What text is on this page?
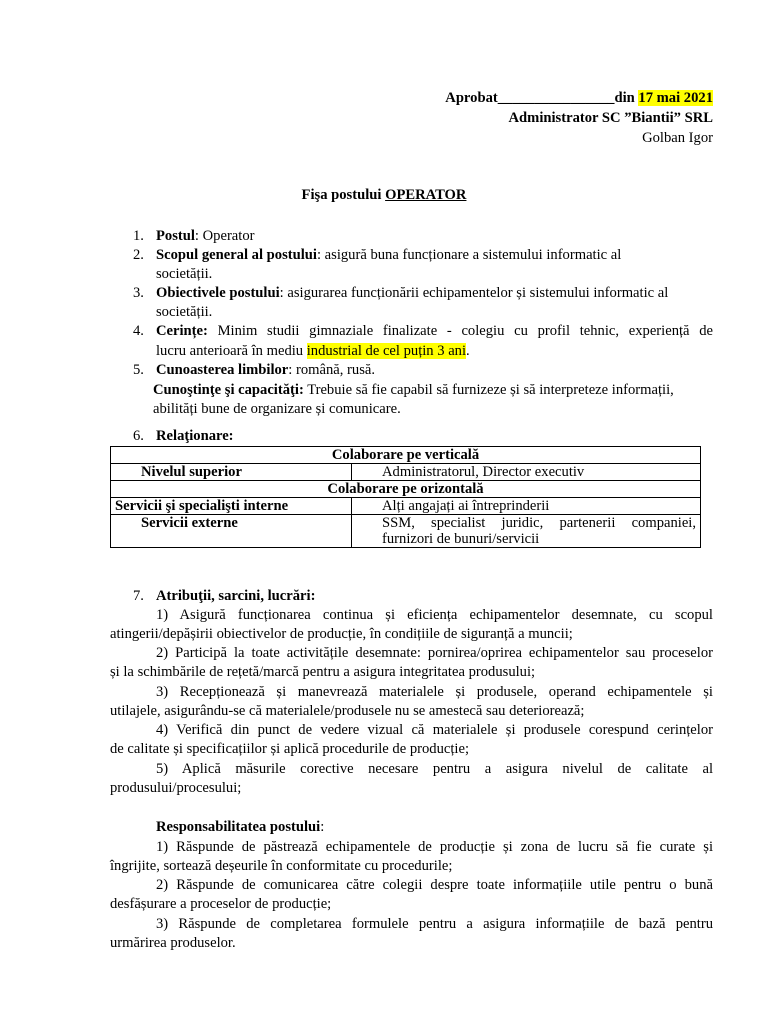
Aprobat________________din 17 mai 2021
Administrator SC ”Biantii” SRL
Golban Igor
Fişa postului OPERATOR
1. Postul: Operator
2. Scopul general al postului: asigură buna funcționare a sistemului informatic al
societății.
3. Obiectivele postului: asigurarea funcționării echipamentelor și sistemului informatic al
societății.
4. Cerințe: Minim studii gimnaziale finalizate - colegiu cu profil tehnic, experiență de
lucru anterioară în mediu industrial de cel puțin 3 ani.
5. Cunoasterea limbilor: română, rusă.
Cunoştinţe şi capacităţi: Trebuie să fie capabil să furnizeze și să interpreteze informații,
abilități bune de organizare și comunicare.
6. Relaţionare:
Colaborare pe verticală	
Nivelul superior	Administratorul, Director executiv
Colaborare pe orizontală	
Servicii şi specialişti interne	Alți angajați ai întreprinderii
Servicii externe	SSM, specialist juridic, partenerii companiei,
furnizori de bunuri/servicii
7. Atribuţii, sarcini, lucrări:
1) Asigură funcționarea continua și eficiența echipamentelor desemnate, cu scopul
atingerii/depășirii obiectivelor de producție, în condițiile de siguranță a muncii;
2) Participă la toate activitățile desemnate: pornirea/oprirea echipamentelor sau proceselor
și la schimbările de rețetă/marcă pentru a asigura integritatea produsului;
3) Recepționează și manevrează materialele și produsele, operand echipamentele și
utilajele, asigurându-se că materialele/produsele nu se amestecă sau deteriorează;
4) Verifică din punct de vedere vizual că materialele și produsele corespund cerințelor
de calitate și specificațiilor și aplică procedurile de producție;
5) Aplică măsurile corective necesare pentru a asigura nivelul de calitate al
produsului/procesului;
Responsabilitatea postului:
1) Răspunde de păstrează echipamentele de producție și zona de lucru să fie curate și
îngrijite, sortează deșeurile în conformitate cu procedurile;
2) Răspunde de comunicarea către colegii despre toate informațiile utile pentru o bună
desfășurare a proceselor de producție;
3) Răspunde de completarea formulele pentru a asigura informațiile de bază pentru
urmărirea produselor.
